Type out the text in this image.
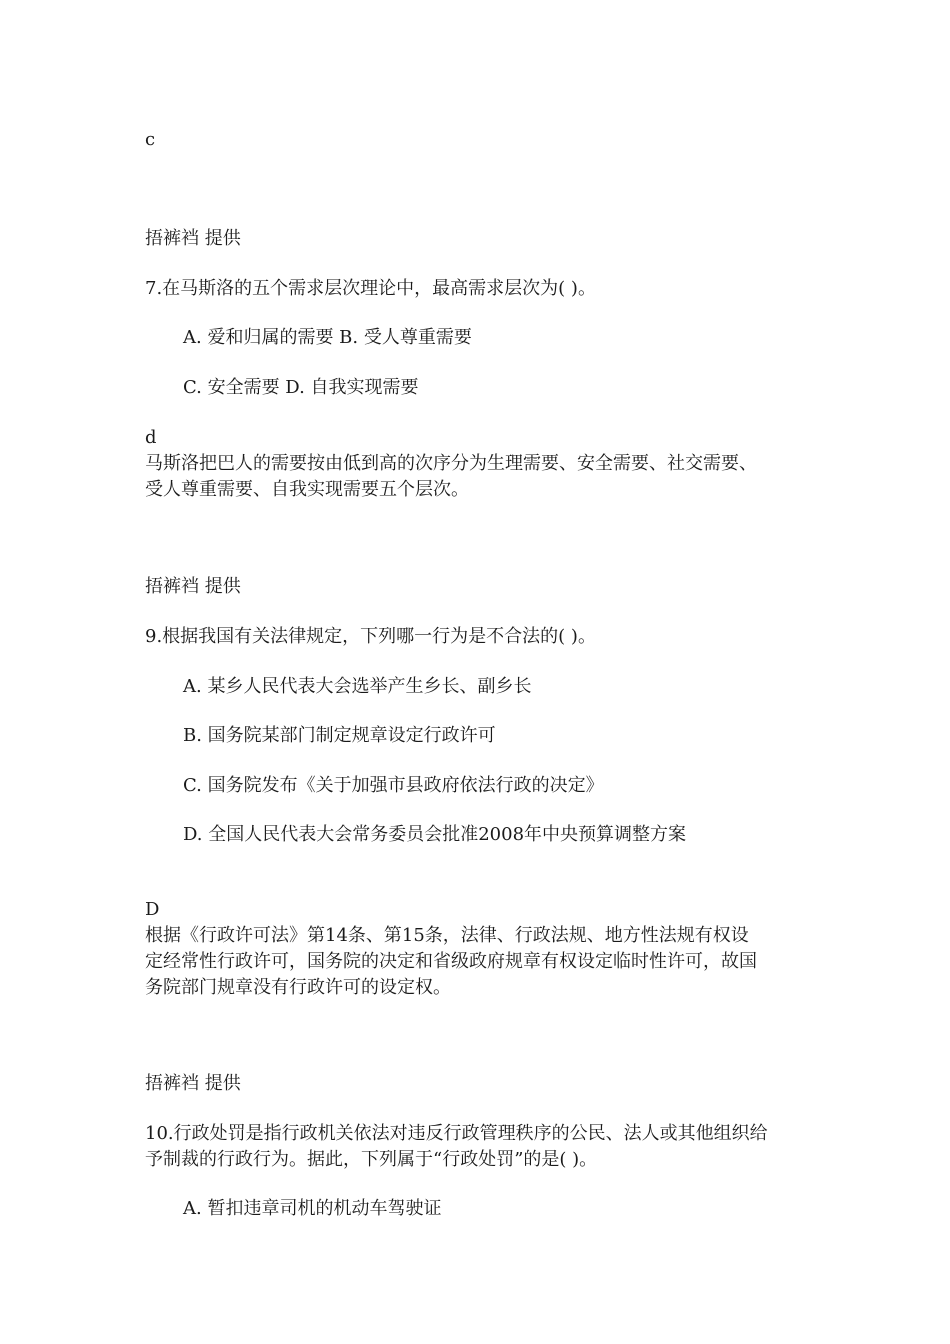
c
捂裤裆 提供
7.在马斯洛的五个需求层次理论中，最高需求层次为( )。
A. 爱和归属的需要 B. 受人尊重需要
C. 安全需要 D. 自我实现需要
d
马斯洛把巴人的需要按由低到高的次序分为生理需要、安全需要、社交需要、
受人尊重需要、自我实现需要五个层次。
捂裤裆 提供
9.根据我国有关法律规定，下列哪一行为是不合法的( )。
A. 某乡人民代表大会选举产生乡长、副乡长
B. 国务院某部门制定规章设定行政许可
C. 国务院发布《关于加强市县政府依法行政的决定》
D. 全国人民代表大会常务委员会批准2008年中央预算调整方案
D
根据《行政许可法》第14条、第15条，法律、行政法规、地方性法规有权设
定经常性行政许可，国务院的决定和省级政府规章有权设定临时性许可，故国
务院部门规章没有行政许可的设定权。
捂裤裆 提供
10.行政处罚是指行政机关依法对违反行政管理秩序的公民、法人或其他组织给
予制裁的行政行为。据此，下列属于“行政处罚”的是( )。
A. 暂扣违章司机的机动车驾驶证
